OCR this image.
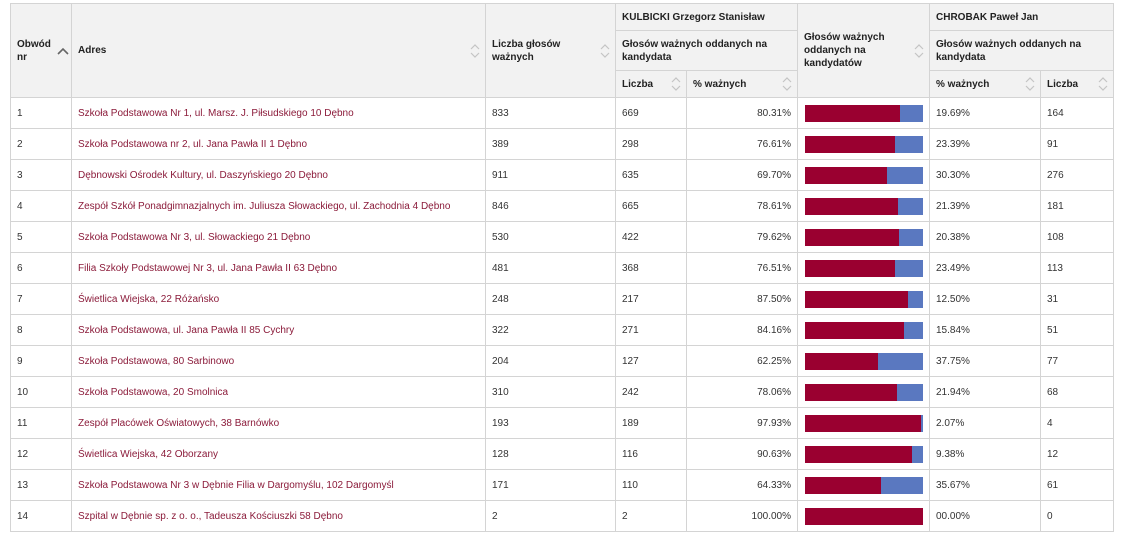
Obwód nr	Adres	Liczba głosów ważnych	KULBICKI Grzegorz Stanisław		Głosów ważnych oddanych na kandydatów	CHROBAK Paweł Jan	
			Głosów ważnych oddanych na kandydata			Głosów ważnych oddanych na kandydata	
			Liczba	% ważnych		% ważnych	Liczba

1	Szkoła Podstawowa Nr 1, ul. Marsz. J. Piłsudskiego 10 Dębno	833	669	80.31%		19.69%	164
2	Szkoła Podstawowa nr 2, ul. Jana Pawła II 1 Dębno	389	298	76.61%		23.39%	91
3	Dębnowski Ośrodek Kultury, ul. Daszyńskiego 20 Dębno	911	635	69.70%		30.30%	276
4	Zespół Szkół Ponadgimnazjalnych im. Juliusza Słowackiego, ul. Zachodnia 4 Dębno	846	665	78.61%		21.39%	181
5	Szkoła Podstawowa Nr 3, ul. Słowackiego 21 Dębno	530	422	79.62%		20.38%	108
6	Filia Szkoły Podstawowej Nr 3, ul. Jana Pawła II 63 Dębno	481	368	76.51%		23.49%	113
7	Świetlica Wiejska, 22 Różańsko	248	217	87.50%		12.50%	31
8	Szkoła Podstawowa, ul. Jana Pawła II 85 Cychry	322	271	84.16%		15.84%	51
9	Szkoła Podstawowa, 80 Sarbinowo	204	127	62.25%		37.75%	77
10	Szkoła Podstawowa, 20 Smolnica	310	242	78.06%		21.94%	68
11	Zespół Placówek Oświatowych, 38 Barnówko	193	189	97.93%		2.07%	4
12	Świetlica Wiejska, 42 Oborzany	128	116	90.63%		9.38%	12
13	Szkoła Podstawowa Nr 3 w Dębnie Filia w Dargomyślu, 102 Dargomyśl	171	110	64.33%		35.67%	61
14	Szpital w Dębnie sp. z o. o., Tadeusza Kościuszki 58 Dębno	2	2	100.00%		00.00%	0
